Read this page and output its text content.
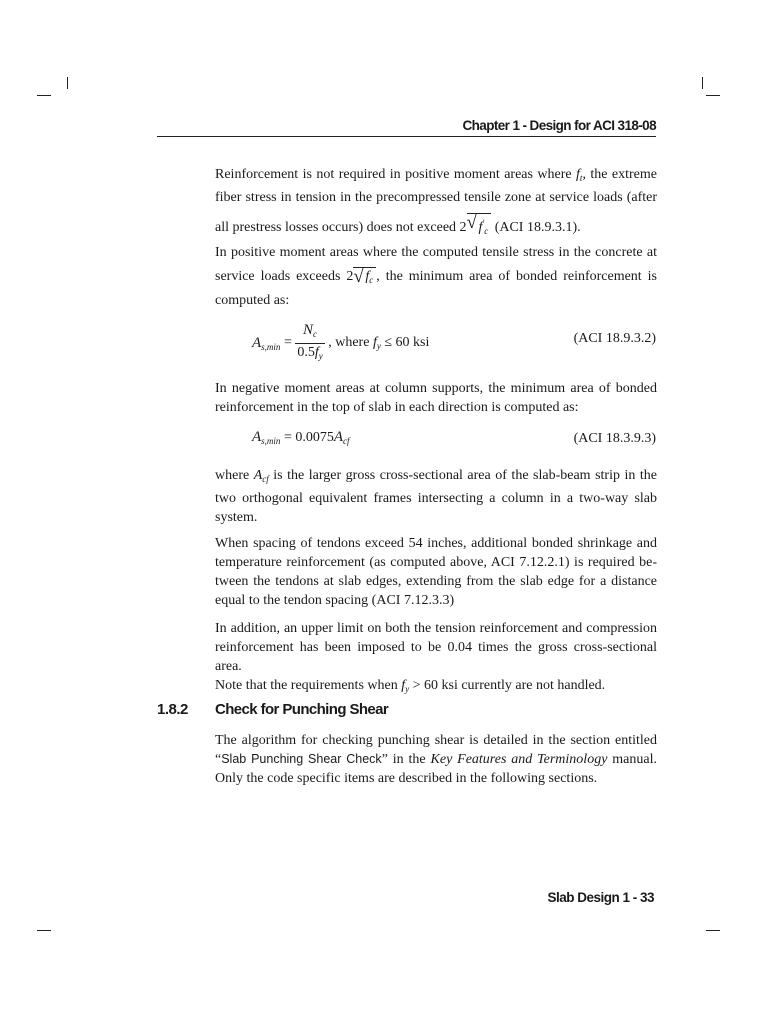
Chapter 1 - Design for ACI 318-08
Reinforcement is not required in positive moment areas where $f_t$, the extreme
fiber stress in tension in the precompressed tensile zone at service loads (after
all prestress losses occurs) does not exceed 2 √ $f'_c$ (ACI 18.9.3.1).
In positive moment areas where the computed tensile stress in the concrete at
service loads exceeds 2 √ $f_c$ , the minimum area of bonded reinforcement is
computed as:
$A_{s,min} = \frac{N_c}{0.5f_y}$ , where $f_y \le 60$ ksi	(ACI 18.9.3.2)
In negative moment areas at column supports, the minimum area of bonded
reinforcement in the top of slab in each direction is computed as:
$A_{s,min} = 0.0075A_{cf}$	(ACI 18.3.9.3)
where $A_{cf}$ is the larger gross cross-sectional area of the slab-beam strip in the
two orthogonal equivalent frames intersecting a column in a two-way slab
system.
When spacing of tendons exceed 54 inches, additional bonded shrinkage and
temperature reinforcement (as computed above, ACI 7.12.2.1) is required be-
tween the tendons at slab edges, extending from the slab edge for a distance
equal to the tendon spacing (ACI 7.12.3.3)
In addition, an upper limit on both the tension reinforcement and compression
reinforcement has been imposed to be 0.04 times the gross cross-sectional area.
Note that the requirements when $f_y > 60$ ksi currently are not handled.
1.8.2 Check for Punching Shear
The algorithm for checking punching shear is detailed in the section entitled
“Slab Punching Shear Check” in the Key Features and Terminology manual.
Only the code specific items are described in the following sections.
Slab Design 1 - 33
